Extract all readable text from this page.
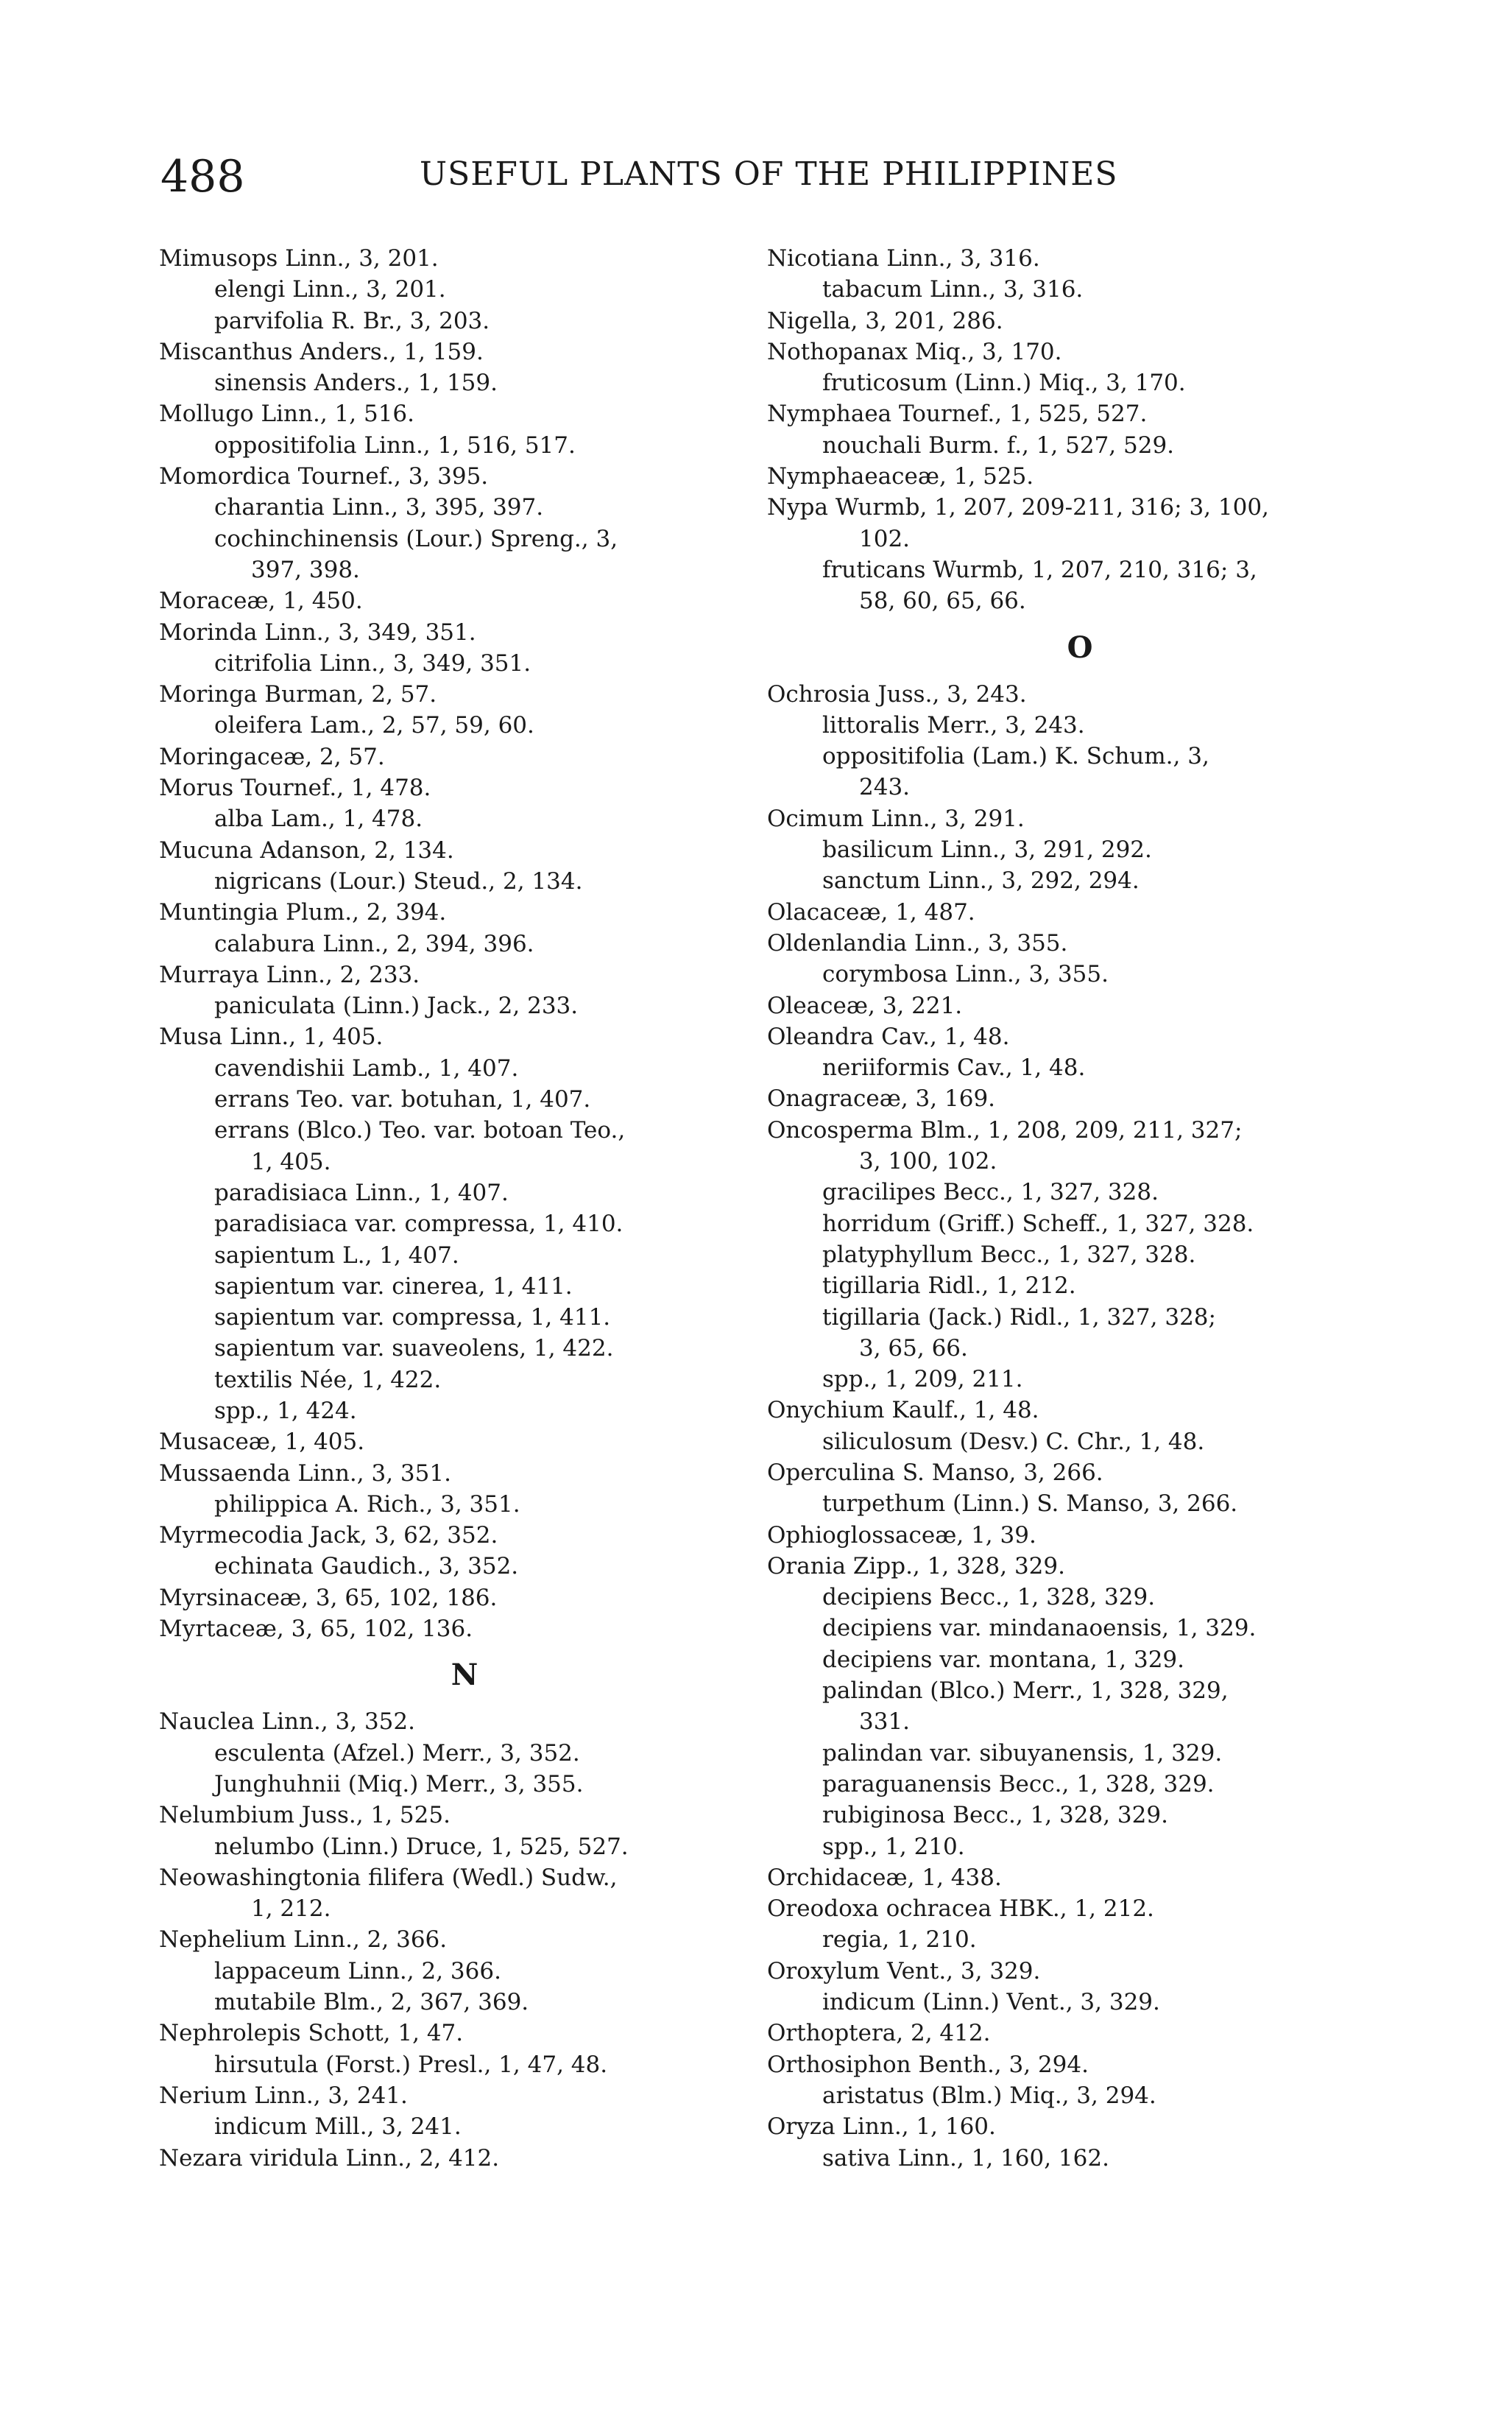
488	USEFUL PLANTS OF THE PHILIPPINES
Mimusops Linn., 3, 201.
elengi Linn., 3, 201.
parvifolia R. Br., 3, 203.
Miscanthus Anders., 1, 159.
sinensis Anders., 1, 159.
Mollugo Linn., 1, 516.
oppositifolia Linn., 1, 516, 517.
Momordica Tournef., 3, 395.
charantia Linn., 3, 395, 397.
cochinchinensis (Lour.) Spreng., 3,
397, 398.
Moraceæ, 1, 450.
Morinda Linn., 3, 349, 351.
citrifolia Linn., 3, 349, 351.
Moringa Burman, 2, 57.
oleifera Lam., 2, 57, 59, 60.
Moringaceæ, 2, 57.
Morus Tournef., 1, 478.
alba Lam., 1, 478.
Mucuna Adanson, 2, 134.
nigricans (Lour.) Steud., 2, 134.
Muntingia Plum., 2, 394.
calabura Linn., 2, 394, 396.
Murraya Linn., 2, 233.
paniculata (Linn.) Jack., 2, 233.
Musa Linn., 1, 405.
cavendishii Lamb., 1, 407.
errans Teo. var. botuhan, 1, 407.
errans (Blco.) Teo. var. botoan Teo.,
1, 405.
paradisiaca Linn., 1, 407.
paradisiaca var. compressa, 1, 410.
sapientum L., 1, 407.
sapientum var. cinerea, 1, 411.
sapientum var. compressa, 1, 411.
sapientum var. suaveolens, 1, 422.
textilis Née, 1, 422.
spp., 1, 424.
Musaceæ, 1, 405.
Mussaenda Linn., 3, 351.
philippica A. Rich., 3, 351.
Myrmecodia Jack, 3, 62, 352.
echinata Gaudich., 3, 352.
Myrsinaceæ, 3, 65, 102, 186.
Myrtaceæ, 3, 65, 102, 136.
N
Nauclea Linn., 3, 352.
esculenta (Afzel.) Merr., 3, 352.
Junghuhnii (Miq.) Merr., 3, 355.
Nelumbium Juss., 1, 525.
nelumbo (Linn.) Druce, 1, 525, 527.
Neowashingtonia filifera (Wedl.) Sudw.,
1, 212.
Nephelium Linn., 2, 366.
lappaceum Linn., 2, 366.
mutabile Blm., 2, 367, 369.
Nephrolepis Schott, 1, 47.
hirsutula (Forst.) Presl., 1, 47, 48.
Nerium Linn., 3, 241.
indicum Mill., 3, 241.
Nezara viridula Linn., 2, 412.
Nicotiana Linn., 3, 316.
tabacum Linn., 3, 316.
Nigella, 3, 201, 286.
Nothopanax Miq., 3, 170.
fruticosum (Linn.) Miq., 3, 170.
Nymphaea Tournef., 1, 525, 527.
nouchali Burm. f., 1, 527, 529.
Nymphaeaceæ, 1, 525.
Nypa Wurmb, 1, 207, 209-211, 316; 3, 100,
102.
fruticans Wurmb, 1, 207, 210, 316; 3,
58, 60, 65, 66.
O
Ochrosia Juss., 3, 243.
littoralis Merr., 3, 243.
oppositifolia (Lam.) K. Schum., 3,
243.
Ocimum Linn., 3, 291.
basilicum Linn., 3, 291, 292.
sanctum Linn., 3, 292, 294.
Olacaceæ, 1, 487.
Oldenlandia Linn., 3, 355.
corymbosa Linn., 3, 355.
Oleaceæ, 3, 221.
Oleandra Cav., 1, 48.
neriiformis Cav., 1, 48.
Onagraceæ, 3, 169.
Oncosperma Blm., 1, 208, 209, 211, 327;
3, 100, 102.
gracilipes Becc., 1, 327, 328.
horridum (Griff.) Scheff., 1, 327, 328.
platyphyllum Becc., 1, 327, 328.
tigillaria Ridl., 1, 212.
tigillaria (Jack.) Ridl., 1, 327, 328;
3, 65, 66.
spp., 1, 209, 211.
Onychium Kaulf., 1, 48.
siliculosum (Desv.) C. Chr., 1, 48.
Operculina S. Manso, 3, 266.
turpethum (Linn.) S. Manso, 3, 266.
Ophioglossaceæ, 1, 39.
Orania Zipp., 1, 328, 329.
decipiens Becc., 1, 328, 329.
decipiens var. mindanaoensis, 1, 329.
decipiens var. montana, 1, 329.
palindan (Blco.) Merr., 1, 328, 329,
331.
palindan var. sibuyanensis, 1, 329.
paraguanensis Becc., 1, 328, 329.
rubiginosa Becc., 1, 328, 329.
spp., 1, 210.
Orchidaceæ, 1, 438.
Oreodoxa ochracea HBK., 1, 212.
regia, 1, 210.
Oroxylum Vent., 3, 329.
indicum (Linn.) Vent., 3, 329.
Orthoptera, 2, 412.
Orthosiphon Benth., 3, 294.
aristatus (Blm.) Miq., 3, 294.
Oryza Linn., 1, 160.
sativa Linn., 1, 160, 162.
